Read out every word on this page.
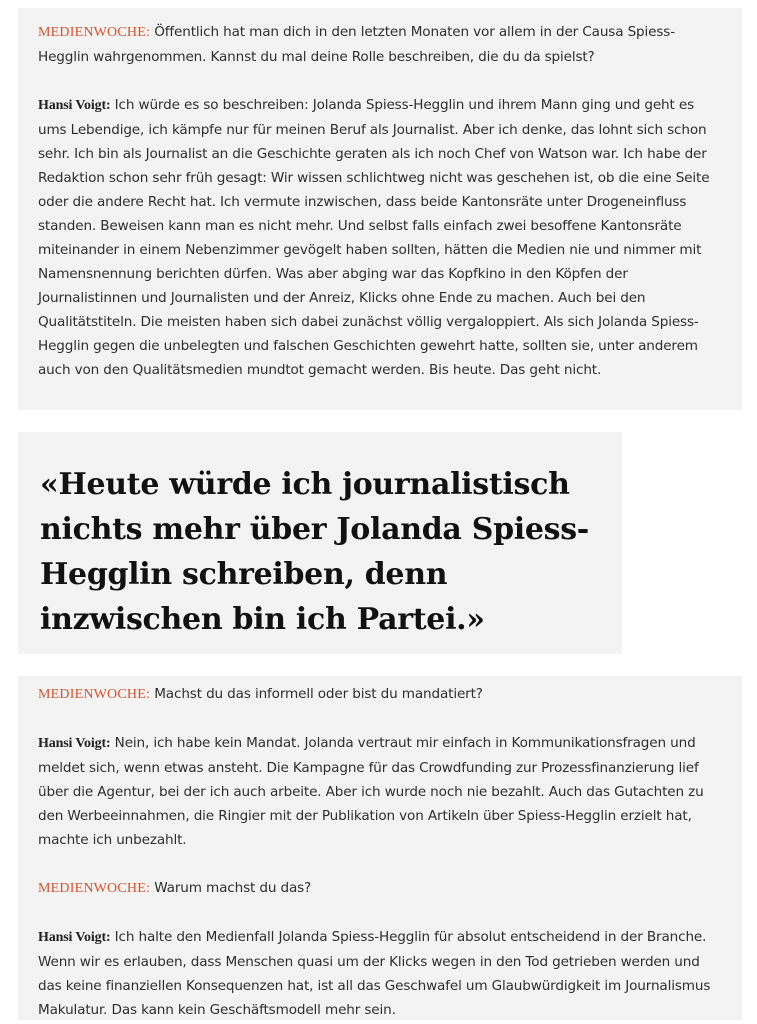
MEDIENWOCHE: Öffentlich hat man dich in den letzten Monaten vor allem in der Causa Spiess-Hegglin wahrgenommen. Kannst du mal deine Rolle beschreiben, die du da spielst?

Hansi Voigt: Ich würde es so beschreiben: Jolanda Spiess-Hegglin und ihrem Mann ging und geht es ums Lebendige, ich kämpfe nur für meinen Beruf als Journalist. Aber ich denke, das lohnt sich schon sehr. Ich bin als Journalist an die Geschichte geraten als ich noch Chef von Watson war. Ich habe der Redaktion schon sehr früh gesagt: Wir wissen schlichtweg nicht was geschehen ist, ob die eine Seite oder die andere Recht hat. Ich vermute inzwischen, dass beide Kantonsräte unter Drogeneinfluss standen. Beweisen kann man es nicht mehr. Und selbst falls einfach zwei besoffene Kantonsräte miteinander in einem Nebenzimmer gevögelt haben sollten, hätten die Medien nie und nimmer mit Namensnennung berichten dürfen. Was aber abging war das Kopfkino in den Köpfen der Journalistinnen und Journalisten und der Anreiz, Klicks ohne Ende zu machen. Auch bei den Qualitätstiteln. Die meisten haben sich dabei zunächst völlig vergaloppiert. Als sich Jolanda Spiess-Hegglin gegen die unbelegten und falschen Geschichten gewehrt hatte, sollten sie, unter anderem auch von den Qualitätsmedien mundtot gemacht werden. Bis heute. Das geht nicht.

«Heute würde ich journalistisch nichts mehr über Jolanda Spiess-Hegglin schreiben, denn inzwischen bin ich Partei.»

MEDIENWOCHE: Machst du das informell oder bist du mandatiert?

Hansi Voigt: Nein, ich habe kein Mandat. Jolanda vertraut mir einfach in Kommunikationsfragen und meldet sich, wenn etwas ansteht. Die Kampagne für das Crowdfunding zur Prozessfinanzierung lief über die Agentur, bei der ich auch arbeite. Aber ich wurde noch nie bezahlt. Auch das Gutachten zu den Werbeeinnahmen, die Ringier mit der Publikation von Artikeln über Spiess-Hegglin erzielt hat, machte ich unbezahlt.

MEDIENWOCHE: Warum machst du das?

Hansi Voigt: Ich halte den Medienfall Jolanda Spiess-Hegglin für absolut entscheidend in der Branche. Wenn wir es erlauben, dass Menschen quasi um der Klicks wegen in den Tod getrieben werden und das keine finanziellen Konsequenzen hat, ist all das Geschwafel um Glaubwürdigkeit im Journalismus Makulatur. Das kann kein Geschäftsmodell mehr sein.
